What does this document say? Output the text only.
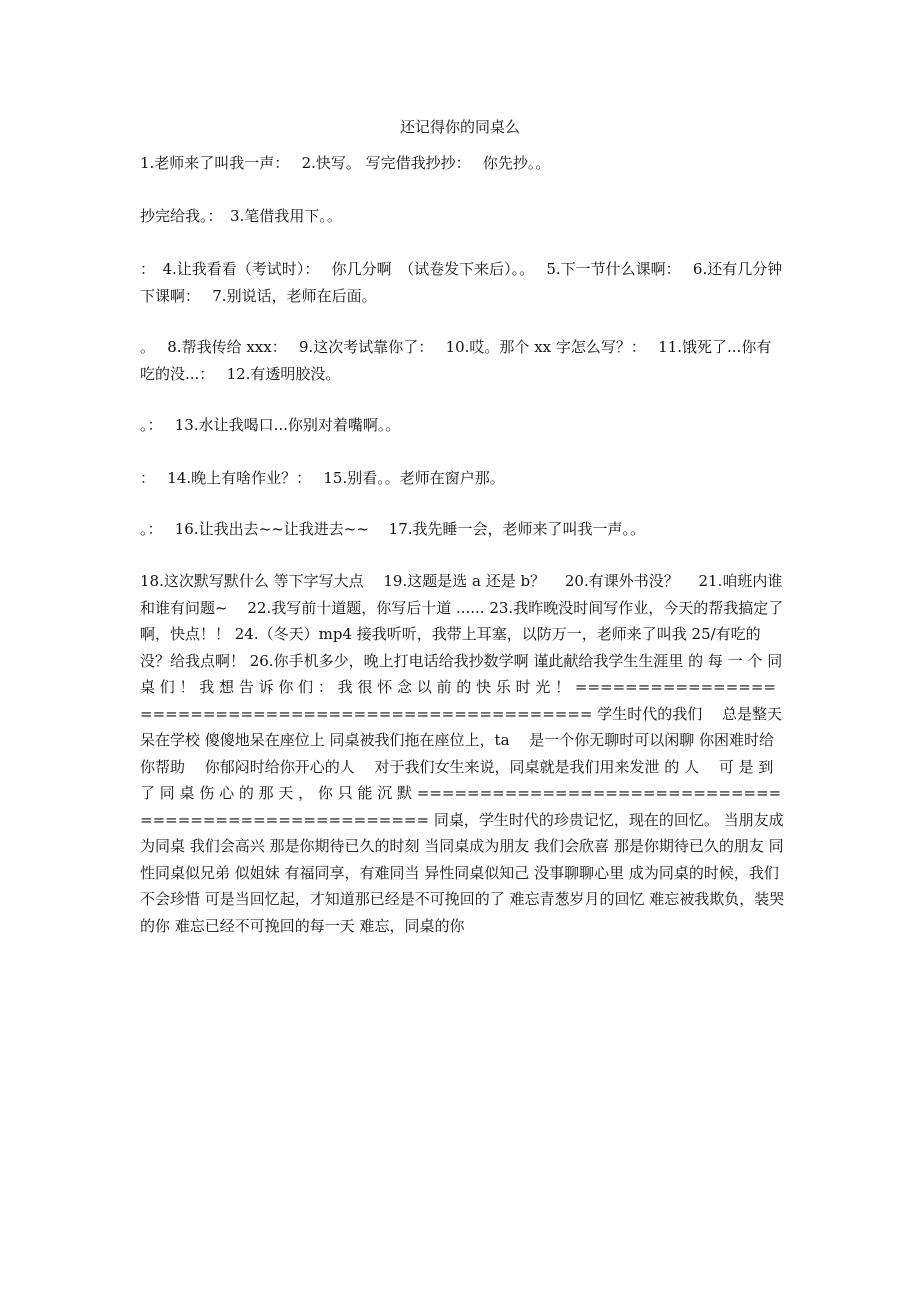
还记得你的同桌么

1.老师来了叫我一声：　 2.快写。 写完借我抄抄：　 你先抄。。

抄完给我。：　3.笔借我用下。。

：　4.让我看看（考试时）：　 你几分啊　（试卷发下来后）。。　 5.下一节什么课啊：　 6.还有几分钟下课啊：　 7.别说话，老师在后面。

。　 8.帮我传给 xxx：　 9.这次考试靠你了：　 10.哎。那个 xx 字怎么写？：　 11.饿死了...你有吃的没...：　 12.有透明胶没。

。：　 13.水让我喝口...你别对着嘴啊。。

：　 14.晚上有啥作业？：　 15.别看。。老师在窗户那。

。：　 16.让我出去~~让我进去~~　 17.我先睡一会，老师来了叫我一声。。

18.这次默写默什么 等下字写大点　 19.这题是选 a 还是 b？　 20.有课外书没？　 21.咱班内谁和谁有问题~　 22.我写前十道题，你写后十道 ...... 23.我昨晚没时间写作业，今天的帮我搞定了啊，快点！！ 24.（冬天）mp4 接我听听，我带上耳塞，以防万一，老师来了叫我 25/有吃的没？给我点啊！ 26.你手机多少，晚上打电话给我抄数学啊 谨此献给我学生生涯里 的 每 一 个 同 桌 们 ！ 我 想 告 诉 你 们 ： 我 很 怀 念 以 前 的 快 乐 时 光 ！ ==================================================== 学生时代的我们　 总是整天呆在学校 傻傻地呆在座位上 同桌被我们拖在座位上，ta　 是一个你无聊时可以闲聊 你困难时给你帮助　 你郁闷时给你开心的人　 对于我们女生来说，同桌就是我们用来发泄 的 人　 可 是 到 了 同 桌 伤 心 的 那 天 ， 你 只 能 沉 默 ==================================================== 同桌，学生时代的珍贵记忆，现在的回忆。 当朋友成为同桌 我们会高兴 那是你期待已久的时刻 当同桌成为朋友 我们会欣喜 那是你期待已久的朋友 同性同桌似兄弟 似姐妹 有福同享，有难同当 异性同桌似知己 没事聊聊心里 成为同桌的时候，我们不会珍惜 可是当回忆起，才知道那已经是不可挽回的了 难忘青葱岁月的回忆 难忘被我欺负，装哭的你 难忘已经不可挽回的每一天 难忘，同桌的你
